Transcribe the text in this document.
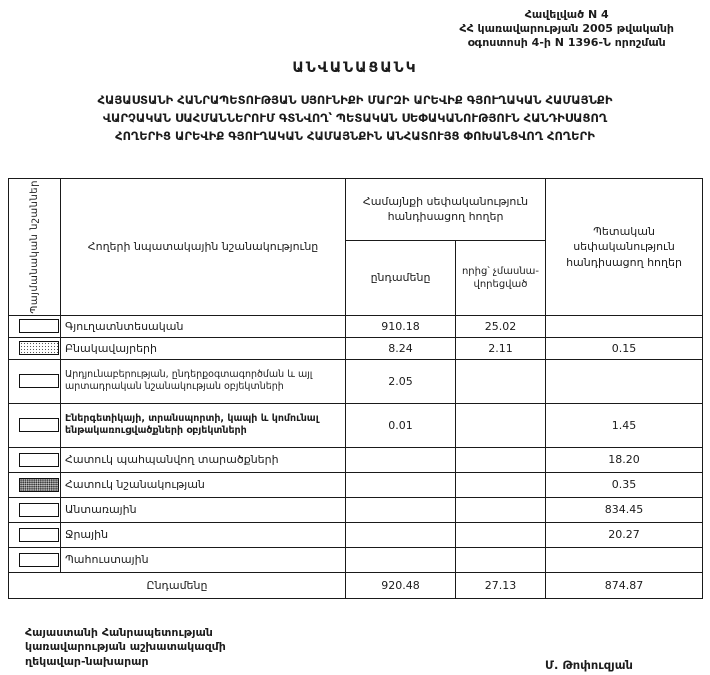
Հավելված N 4
ՀՀ կառավարության 2005 թվականի
օգոստոսի 4-ի N 1396-Ն որոշման
ԱՆՎԱՆԱՑԱՆԿ
ՀԱՅԱՍՏԱՆԻ ՀԱՆՐԱՊԵՏՈՒԹՅԱՆ ՍՅՈՒՆԻՔԻ ՄԱՐԶԻ ԱՐԵՎԻՔ ԳՅՈՒՂԱԿԱՆ ՀԱՄԱՅՆՔԻ
ՎԱՐՉԱԿԱՆ ՍԱՀՄԱՆՆԵՐՈՒՄ ԳՏՆՎՈՂ՝ ՊԵՏԱԿԱՆ ՍԵՓԱԿԱՆՈՒԹՅՈՒՆ ՀԱՆԴԻՍԱՑՈՂ
ՀՈՂԵՐԻՑ ԱՐԵՎԻՔ ԳՅՈՒՂԱԿԱՆ ՀԱՄԱՅՆՔԻՆ ԱՆՀԱՏՈՒՅՑ ՓՈԽԱՆՑՎՈՂ ՀՈՂԵՐԻ
Պայմանական նշաններ	Հողերի նպատակային նշանակությունը	Համայնքի սեփականություն հանդիսացող հողեր		Պետական սեփականություն հանդիսացող հողեր
		ընդամենը	որից՝ չմասնա-
վորեցված	

	Գյուղատնտեսական	910.18	25.02	

	Բնակավայրերի	8.24	2.11	0.15

	Արդյունաբերության, ընդերքօգտագործման և այլ արտադրական նշանակության օբյեկտների	2.05		

	Էներգետիկայի, տրանսպորտի, կապի և կոմունալ ենթակառուցվածքների օբյեկտների	0.01		1.45

	Հատուկ պահպանվող տարածքների			18.20

	Հատուկ նշանակության			0.35

	Անտառային			834.45

	Ջրային			20.27

	Պահուստային			
Ընդամենը		920.48	27.13	874.87
Հայաստանի Հանրապետության
կառավարության աշխատակազմի
ղեկավար-նախարար	Մ. Թոփուզյան
